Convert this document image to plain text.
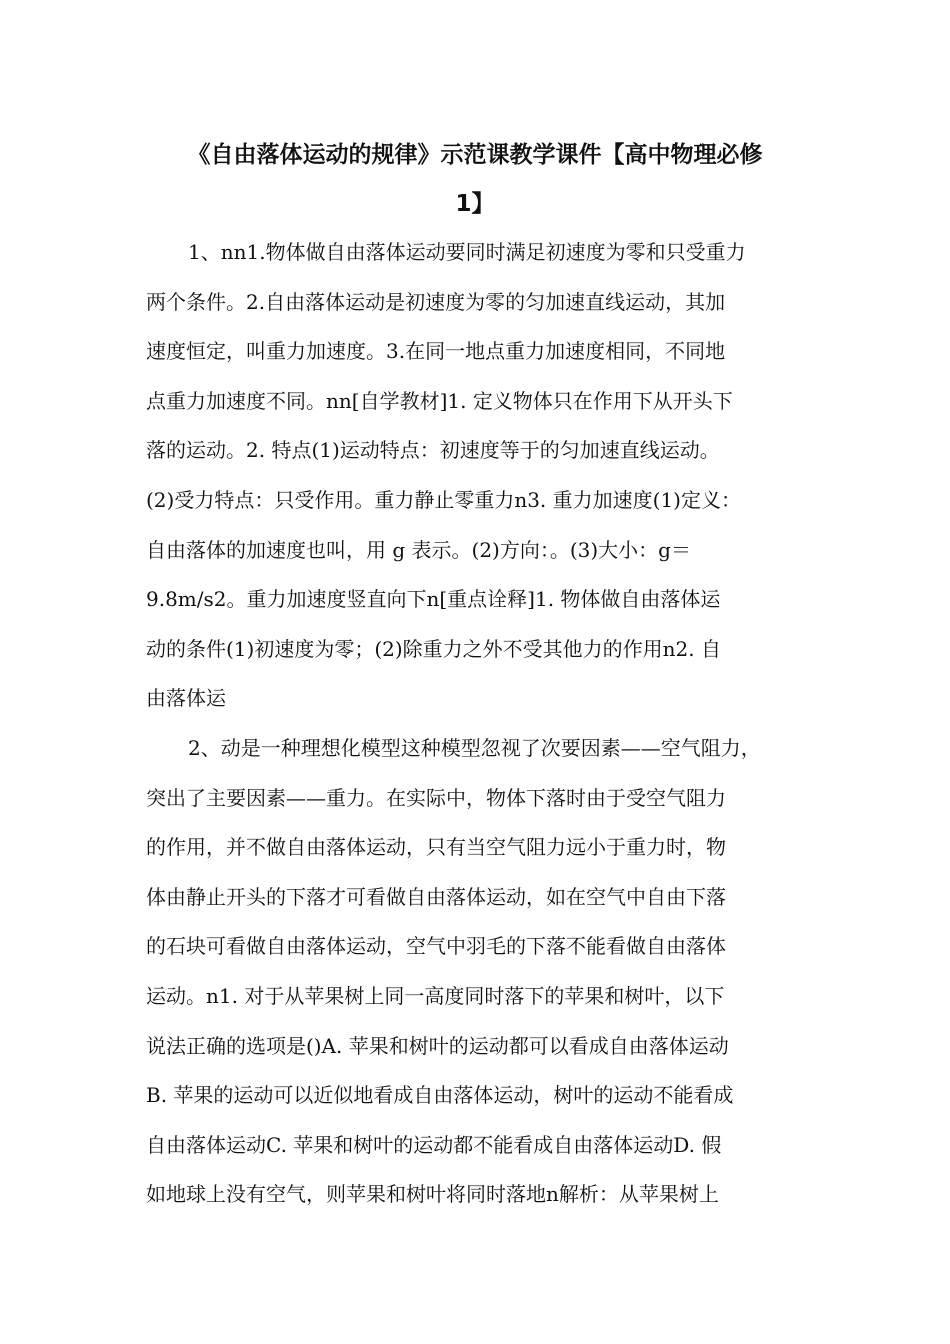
《自由落体运动的规律》示范课教学课件【高中物理必修
1】
1、nn1.物体做自由落体运动要同时满足初速度为零和只受重力
两个条件。2.自由落体运动是初速度为零的匀加速直线运动，其加
速度恒定，叫重力加速度。3.在同一地点重力加速度相同，不同地
点重力加速度不同。nn[自学教材]1. 定义物体只在作用下从开头下
落的运动。2. 特点(1)运动特点：初速度等于的匀加速直线运动。
(2)受力特点：只受作用。重力静止零重力n3. 重力加速度(1)定义：
自由落体的加速度也叫，用 g 表示。(2)方向：。(3)大小：g＝
9.8m/s2。重力加速度竖直向下n[重点诠释]1. 物体做自由落体运
动的条件(1)初速度为零；(2)除重力之外不受其他力的作用n2. 自
由落体运
2、动是一种理想化模型这种模型忽视了次要因素——空气阻力，
突出了主要因素——重力。在实际中，物体下落时由于受空气阻力
的作用，并不做自由落体运动，只有当空气阻力远小于重力时，物
体由静止开头的下落才可看做自由落体运动，如在空气中自由下落
的石块可看做自由落体运动，空气中羽毛的下落不能看做自由落体
运动。n1. 对于从苹果树上同一高度同时落下的苹果和树叶，以下
说法正确的选项是()A. 苹果和树叶的运动都可以看成自由落体运动
B. 苹果的运动可以近似地看成自由落体运动，树叶的运动不能看成
自由落体运动C. 苹果和树叶的运动都不能看成自由落体运动D. 假
如地球上没有空气，则苹果和树叶将同时落地n解析：从苹果树上
